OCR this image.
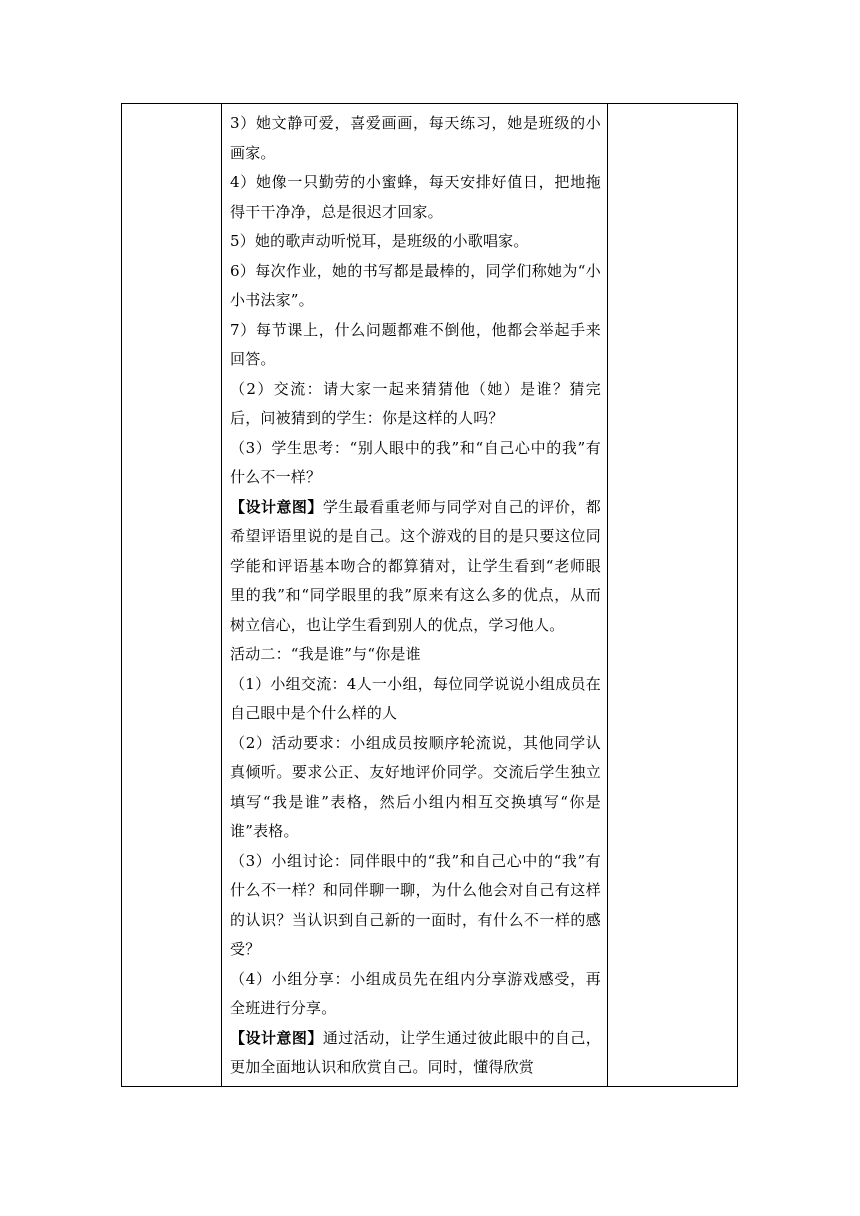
3）她文静可爱，喜爱画画，每天练习，她是班级的小画家。

4）她像一只勤劳的小蜜蜂，每天安排好值日，把地拖得干干净净，总是很迟才回家。

5）她的歌声动听悦耳，是班级的小歌唱家。

6）每次作业，她的书写都是最棒的，同学们称她为“小小书法家”。

7）每节课上，什么问题都难不倒他，他都会举起手来回答。

（2）交流：请大家一起来猜猜他（她）是谁？猜完后，问被猜到的学生：你是这样的人吗？

（3）学生思考：“别人眼中的我”和“自己心中的我”有什么不一样？

【设计意图】学生最看重老师与同学对自己的评价，都希望评语里说的是自己。这个游戏的目的是只要这位同学能和评语基本吻合的都算猜对，让学生看到“老师眼里的我”和“同学眼里的我”原来有这么多的优点，从而树立信心，也让学生看到别人的优点，学习他人。

活动二：“我是谁”与“你是谁

（1）小组交流：4人一小组，每位同学说说小组成员在自己眼中是个什么样的人

（2）活动要求：小组成员按顺序轮流说，其他同学认真倾听。要求公正、友好地评价同学。交流后学生独立填写“我是谁”表格，然后小组内相互交换填写“你是谁”表格。

（3）小组讨论：同伴眼中的“我”和自己心中的“我”有什么不一样？和同伴聊一聊，为什么他会对自己有这样的认识？当认识到自己新的一面时，有什么不一样的感受？

（4）小组分享：小组成员先在组内分享游戏感受，再全班进行分享。

【设计意图】通过活动，让学生通过彼此眼中的自己，更加全面地认识和欣赏自己。同时，懂得欣赏
